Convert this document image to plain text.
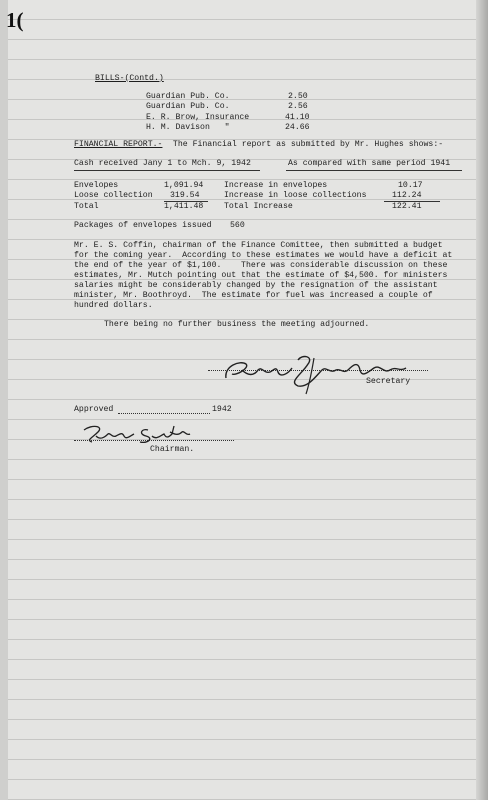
1(
BILLS-(Contd.)
Guardian Pub. Co.	2.50
Guardian Pub. Co.	2.56
E. R. Brow, Insurance	41.10
H. M. Davison   "	24.66
FINANCIAL REPORT.- The Financial report as submitted by Mr. Hughes shows:-
Cash received Jany 1 to Mch. 9, 1942	As compared with same period 1941
Envelopes	1,091.94	Increase in envelopes	10.17
Loose collection 319.54	Increase in loose collections	112.24
Total	1,411.48	Total Increase	122.41
Packages of envelopes issued 560
Mr. E. S. Coffin, chairman of the Finance Comittee, then submitted a budget
for the coming year.  According to these estimates we would have a deficit at
the end of the year of $1,100.    There was considerable discussion on these
estimates, Mr. Mutch pointing out that the estimate of $4,500. for ministers
salaries might be considerably changed by the resignation of the assistant
minister, Mr. Boothroyd.  The estimate for fuel was increased a couple of
hundred dollars.
There being no further business the meeting adjourned.
Secretary
Approved	1942
Chairman.
